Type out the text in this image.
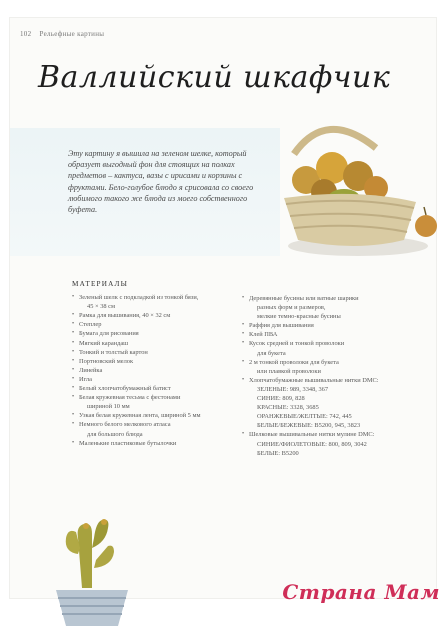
102 Рельефные картины
Валлийский шкафчик
Эту картину я вышила на зеленом шелке, который образует выгодный фон для стоящих на полках предметов – кактуса, вазы с ирисами и корзины с фруктами. Бело-голубое блюдо я срисовала со своего любимого такого же блюда из моего собственного буфета.
МАТЕРИАЛЫ
• Зеленый шелк с подкладкой из тонкой бязи,
45 × 38 см
• Рамка для вышивания, 40 × 32 см
• Степлер
• Бумага для рисования
• Мягкий карандаш
• Тонкий и толстый картон
• Портновский мелок
• Линейка
• Игла
• Белый хлопчатобумажный батист
• Белая кружевная тесьма с фестонами
шириной 10 мм
• Узкая белая кружевная лента, шириной 5 мм
• Немного белого мелкового атласа
для большого блюда
• Маленькие пластиковые бутылочки
• Деревянные бусины или ватные шарики
разных форм и размеров,
мелкие темно-красные бусины
• Раффия для вышивания
• Клей ПВА
• Кусок средней и тонкой проволоки
для букета
• 2 м тонкой проволоки для букета
или плавкой проволоки
• Хлопчатобумажные вышивальные нитки DMC:
ЗЕЛЕНЫЕ: 989, 3348, 367
СИНИЕ: 809, 828
КРАСНЫЕ: 3328, 3685
ОРАНЖЕВЫЕ/ЖЕЛТЫЕ: 742, 445
БЕЛЫЕ/БЕЖЕВЫЕ: B5200, 945, 3823
• Шелковые вышивальные нитки мулине DMC:
СИНИЕ/ФИОЛЕТОВЫЕ: 800, 809, 3042
БЕЛЫЕ: B5200
Страна Мам
